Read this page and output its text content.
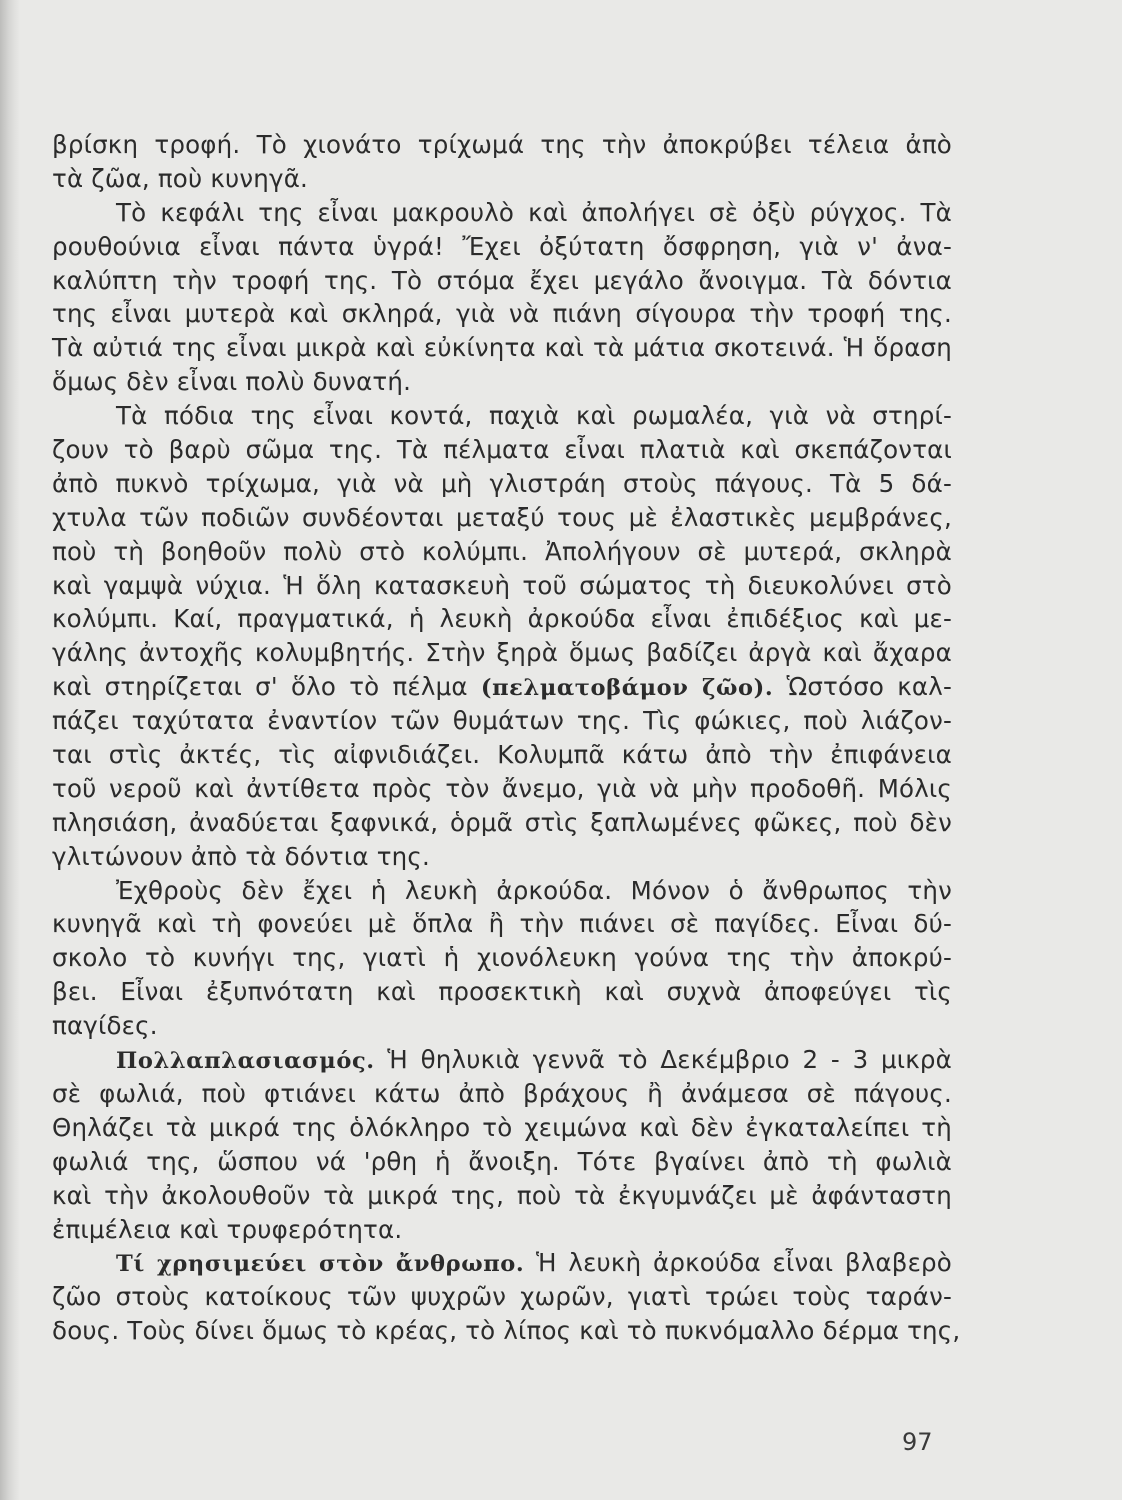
βρίσκη τροφή. Τὸ χιονάτο τρίχωμά της τὴν ἀποκρύβει τέλεια ἀπὸ
τὰ ζῶα, ποὺ κυνηγᾶ.
Τὸ κεφάλι της εἶναι μακρουλὸ καὶ ἀπολήγει σὲ ὀξὺ ρύγχος. Τὰ
ρουθούνια εἶναι πάντα ὑγρά! Ἔχει ὀξύτατη ὄσφρηση, γιὰ ν' ἀνα-
καλύπτη τὴν τροφή της. Τὸ στόμα ἔχει μεγάλο ἄνοιγμα. Τὰ δόντια
της εἶναι μυτερὰ καὶ σκληρά, γιὰ νὰ πιάνη σίγουρα τὴν τροφή της.
Τὰ αὐτιά της εἶναι μικρὰ καὶ εὐκίνητα καὶ τὰ μάτια σκοτεινά. Ἡ ὅραση
ὅμως δὲν εἶναι πολὺ δυνατή.
Τὰ πόδια της εἶναι κοντά, παχιὰ καὶ ρωμαλέα, γιὰ νὰ στηρί-
ζουν τὸ βαρὺ σῶμα της. Τὰ πέλματα εἶναι πλατιὰ καὶ σκεπάζονται
ἀπὸ πυκνὸ τρίχωμα, γιὰ νὰ μὴ γλιστράη στοὺς πάγους. Τὰ 5 δά-
χτυλα τῶν ποδιῶν συνδέονται μεταξύ τους μὲ ἐλαστικὲς μεμβράνες,
ποὺ τὴ βοηθοῦν πολὺ στὸ κολύμπι. Ἀπολήγουν σὲ μυτερά, σκληρὰ
καὶ γαμψὰ νύχια. Ἡ ὅλη κατασκευὴ τοῦ σώματος τὴ διευκολύνει στὸ
κολύμπι. Καί, πραγματικά, ἡ λευκὴ ἀρκούδα εἶναι ἐπιδέξιος καὶ με-
γάλης ἀντοχῆς κολυμβητής. Στὴν ξηρὰ ὅμως βαδίζει ἀργὰ καὶ ἄχαρα
καὶ στηρίζεται σ' ὅλο τὸ πέλμα (πελματοβάμον ζῶο). Ὡστόσο καλ-
πάζει ταχύτατα ἐναντίον τῶν θυμάτων της. Τὶς φώκιες, ποὺ λιάζον-
ται στὶς ἀκτές, τὶς αἰφνιδιάζει. Κολυμπᾶ κάτω ἀπὸ τὴν ἐπιφάνεια
τοῦ νεροῦ καὶ ἀντίθετα πρὸς τὸν ἄνεμο, γιὰ νὰ μὴν προδοθῆ. Μόλις
πλησιάση, ἀναδύεται ξαφνικά, ὁρμᾶ στὶς ξαπλωμένες φῶκες, ποὺ δὲν
γλιτώνουν ἀπὸ τὰ δόντια της.
Ἐχθροὺς δὲν ἔχει ἡ λευκὴ ἀρκούδα. Μόνον ὁ ἄνθρωπος τὴν
κυνηγᾶ καὶ τὴ φονεύει μὲ ὅπλα ἢ τὴν πιάνει σὲ παγίδες. Εἶναι δύ-
σκολο τὸ κυνήγι της, γιατὶ ἡ χιονόλευκη γούνα της τὴν ἀποκρύ-
βει. Εἶναι ἐξυπνότατη καὶ προσεκτικὴ καὶ συχνὰ ἀποφεύγει τὶς
παγίδες.
Πολλαπλασιασμός. Ἡ θηλυκιὰ γεννᾶ τὸ Δεκέμβριο 2 - 3 μικρὰ
σὲ φωλιά, ποὺ φτιάνει κάτω ἀπὸ βράχους ἢ ἀνάμεσα σὲ πάγους.
Θηλάζει τὰ μικρά της ὁλόκληρο τὸ χειμώνα καὶ δὲν ἐγκαταλείπει τὴ
φωλιά της, ὥσπου νά 'ρθη ἡ ἄνοιξη. Τότε βγαίνει ἀπὸ τὴ φωλιὰ
καὶ τὴν ἀκολουθοῦν τὰ μικρά της, ποὺ τὰ ἐκγυμνάζει μὲ ἀφάνταστη
ἐπιμέλεια καὶ τρυφερότητα.
Τί χρησιμεύει στὸν ἄνθρωπο. Ἡ λευκὴ ἀρκούδα εἶναι βλαβερὸ
ζῶο στοὺς κατοίκους τῶν ψυχρῶν χωρῶν, γιατὶ τρώει τοὺς ταράν-
δους. Τοὺς δίνει ὅμως τὸ κρέας, τὸ λίπος καὶ τὸ πυκνόμαλλο δέρμα της,
97
